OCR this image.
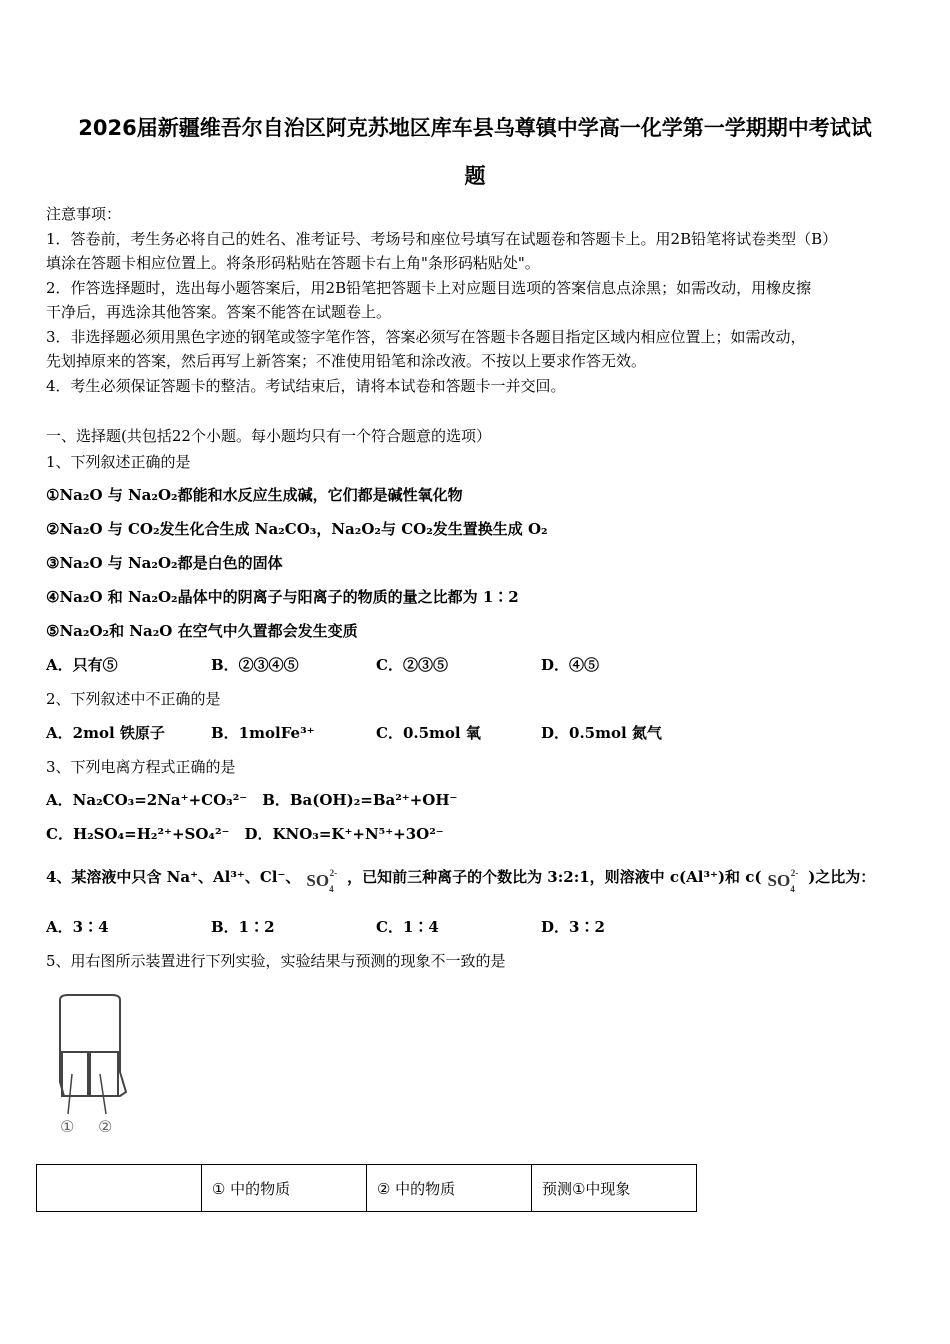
2026届新疆维吾尔自治区阿克苏地区库车县乌尊镇中学高一化学第一学期期中考试试
题
注意事项：
1．答卷前，考生务必将自己的姓名、准考证号、考场号和座位号填写在试题卷和答题卡上。用2B铅笔将试卷类型（B）
填涂在答题卡相应位置上。将条形码粘贴在答题卡右上角"条形码粘贴处"。
2．作答选择题时，选出每小题答案后，用2B铅笔把答题卡上对应题目选项的答案信息点涂黑；如需改动，用橡皮擦
干净后，再选涂其他答案。答案不能答在试题卷上。
3．非选择题必须用黑色字迹的钢笔或签字笔作答，答案必须写在答题卡各题目指定区域内相应位置上；如需改动，
先划掉原来的答案，然后再写上新答案；不准使用铅笔和涂改液。不按以上要求作答无效。
4．考生必须保证答题卡的整洁。考试结束后，请将本试卷和答题卡一并交回。
一、选择题(共包括22个小题。每小题均只有一个符合题意的选项）
1、下列叙述正确的是
①Na₂O 与 Na₂O₂都能和水反应生成碱，它们都是碱性氧化物
②Na₂O 与 CO₂发生化合生成 Na₂CO₃，Na₂O₂与 CO₂发生置换生成 O₂
③Na₂O 与 Na₂O₂都是白色的固体
④Na₂O 和 Na₂O₂晶体中的阴离子与阳离子的物质的量之比都为 1∶2
⑤Na₂O₂和 Na₂O 在空气中久置都会发生变质
A．只有⑤	B．②③④⑤	C．②③⑤	D．④⑤
2、下列叙述中不正确的是
A．2mol 铁原子	B．1molFe³⁺	C．0.5mol 氧	D．0.5mol 氮气
3、下列电离方程式正确的是
A．Na₂CO₃=2Na⁺+CO₃²⁻　B．Ba(OH)₂=Ba²⁺+OH⁻
C．H₂SO₄=H₂²⁺+SO₄²⁻　D．KNO₃=K⁺+N⁵⁺+3O²⁻
4、某溶液中只含 Na⁺、Al³⁺、Cl⁻、 $SO_4^{2-}$ ，已知前三种离子的个数比为 3:2:1，则溶液中 c(Al³⁺)和 c( $SO_4^{2-}$ )之比为：
A．3∶4	B．1∶2	C．1∶4	D．3∶2
5、用右图所示装置进行下列实验，实验结果与预测的现象不一致的是
① ②
	① 中的物质	② 中的物质	预测①中现象
